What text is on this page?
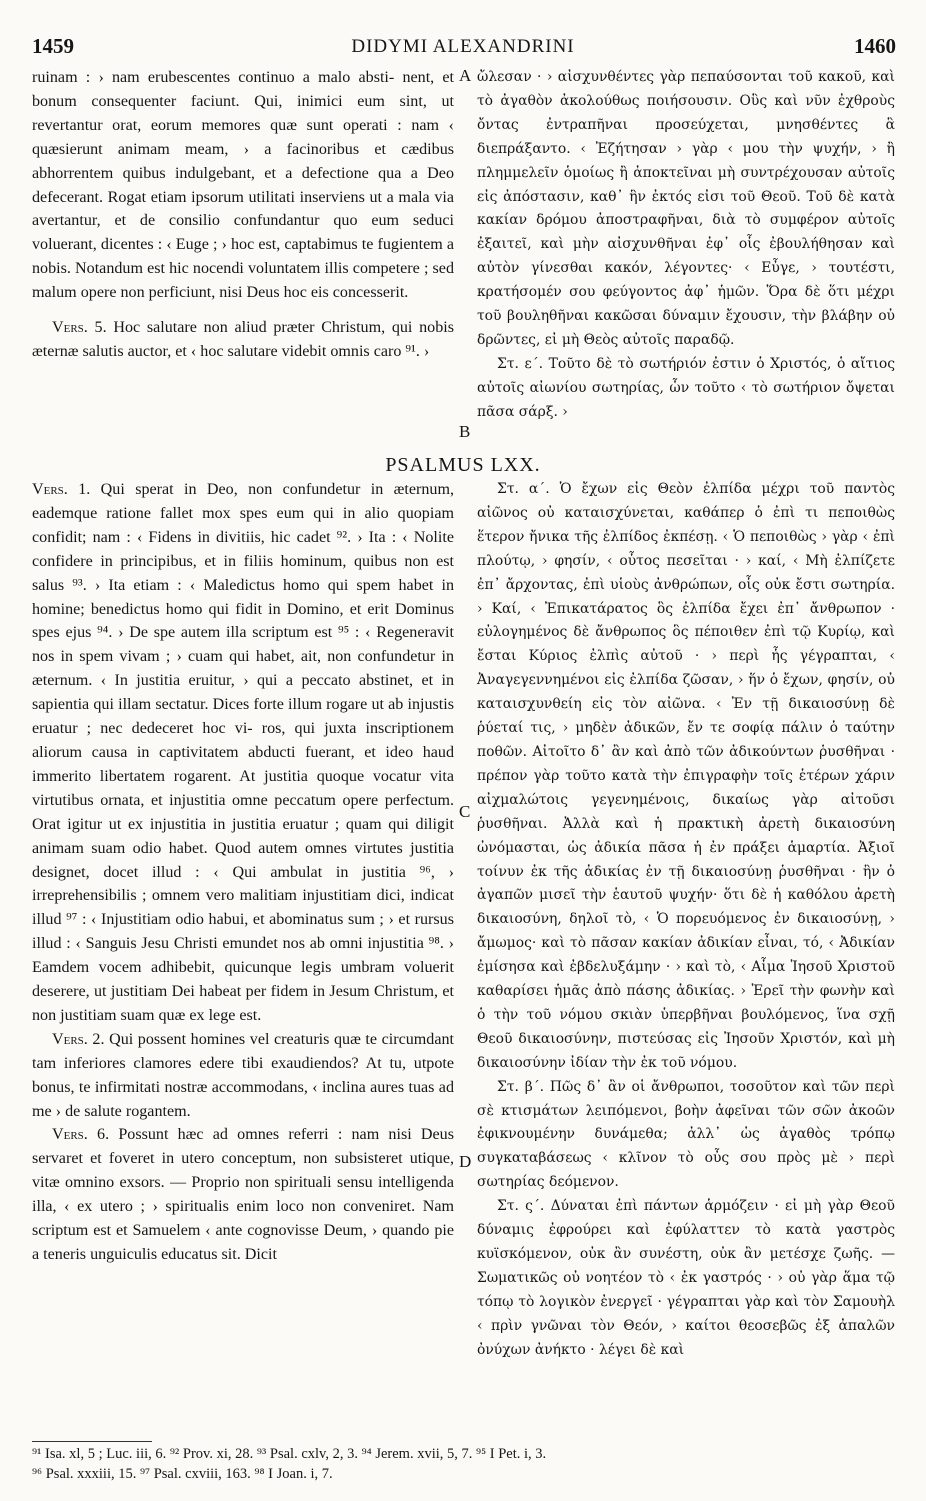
1459	DIDYMI ALEXANDRINI	1460

ruinam : › nam erubescentes continuo a malo absti- nent, et bonum consequenter faciunt. Qui, inimici eum sint, ut revertantur orat, eorum memores quæ sunt operati : nam ‹ quæsierunt animam meam, › a facinoribus et cædibus abhorrentem quibus indulgebant, et a defectione qua a Deo defecerant. Rogat etiam ipsorum utilitati inserviens ut a mala via avertantur, et de consilio confundantur quo eum seduci voluerant, dicentes : ‹ Euge ; › hoc est, captabimus te fugientem a nobis. Notandum est hic nocendi voluntatem illis competere ; sed malum opere non perficiunt, nisi Deus hoc eis concesserit.

Vers. 5. Hoc salutare non aliud præter Christum, qui nobis æternæ salutis auctor, et ‹ hoc salutare videbit omnis caro ⁹¹. ›

ὤλεσαν · › αἰσχυνθέντες γὰρ πεπαύσονται τοῦ κακοῦ, καὶ τὸ ἀγαθὸν ἀκολούθως ποιήσουσιν. Οὓς καὶ νῦν ἐχθροὺς ὄντας ἐντραπῆναι προσεύχεται, μνησθέντες ἃ διεπράξαντο. ‹ Ἐζήτησαν › γὰρ ‹ μου τὴν ψυχήν, › ἢ πλημμελεῖν ὁμοίως ἢ ἀποκτεῖναι μὴ συντρέχουσαν αὐτοῖς εἰς ἀπόστασιν, καθ᾽ ἣν ἐκτός εἰσι τοῦ Θεοῦ. Τοῦ δὲ κατὰ κακίαν δρόμου ἀποστραφῆναι, διὰ τὸ συμφέρον αὐτοῖς ἐξαιτεῖ, καὶ μὴν αἰσχυνθῆναι ἐφ᾽ οἷς ἐβουλήθησαν καὶ αὐτὸν γίνεσθαι κακόν, λέγοντες· ‹ Εὖγε, › τουτέστι, κρατήσομέν σου φεύγοντος ἀφ᾽ ἡμῶν. Ὅρα δὲ ὅτι μέχρι τοῦ βουληθῆναι κακῶσαι δύναμιν ἔχουσιν, τὴν βλάβην οὐ δρῶντες, εἰ μὴ Θεὸς αὐτοῖς παραδῷ.

Στ. ε΄. Τοῦτο δὲ τὸ σωτήριόν ἐστιν ὁ Χριστός, ὁ αἴτιος αὐτοῖς αἰωνίου σωτηρίας, ὧν τοῦτο ‹ τὸ σωτήριον ὄψεται πᾶσα σάρξ. ›

A
B
PSALMUS LXX.

Vers. 1. Qui sperat in Deo, non confundetur in æternum, eademque ratione fallet mox spes eum qui in alio quopiam confidit; nam : ‹ Fidens in divitiis, hic cadet ⁹². › Ita : ‹ Nolite confidere in principibus, et in filiis hominum, quibus non est salus ⁹³. › Ita etiam : ‹ Maledictus homo qui spem habet in homine; benedictus homo qui fidit in Domino, et erit Dominus spes ejus ⁹⁴. › De spe autem illa scriptum est ⁹⁵ : ‹ Regeneravit nos in spem vivam ; › cuam qui habet, ait, non confundetur in æternum. ‹ In justitia eruitur, › qui a peccato abstinet, et in sapientia qui illam sectatur. Dices forte illum rogare ut ab injustis eruatur ; nec dedeceret hoc vi- ros, qui juxta inscriptionem aliorum causa in captivitatem abducti fuerant, et ideo haud immerito libertatem rogarent. At justitia quoque vocatur vita virtutibus ornata, et injustitia omne peccatum opere perfectum. Orat igitur ut ex injustitia in justitia eruatur ; quam qui diligit animam suam odio habet. Quod autem omnes virtutes justitia designet, docet illud : ‹ Qui ambulat in justitia ⁹⁶, › irreprehensibilis ; omnem vero malitiam injustitiam dici, indicat illud ⁹⁷ : ‹ Injustitiam odio habui, et abominatus sum ; › et rursus illud : ‹ Sanguis Jesu Christi emundet nos ab omni injustitia ⁹⁸. › Eamdem vocem adhibebit, quicunque legis umbram voluerit deserere, ut justitiam Dei habeat per fidem in Jesum Christum, et non justitiam suam quæ ex lege est.

Vers. 2. Qui possent homines vel creaturis quæ te circumdant tam inferiores clamores edere tibi exaudiendos? At tu, utpote bonus, te infirmitati nostræ accommodans, ‹ inclina aures tuas ad me › de salute rogantem.

Vers. 6. Possunt hæc ad omnes referri : nam nisi Deus servaret et foveret in utero conceptum, non subsisteret utique, vitæ omnino exsors. — Proprio non spirituali sensu intelligenda illa, ‹ ex utero ; › spiritualis enim loco non conveniret. Nam scriptum est et Samuelem ‹ ante cognovisse Deum, › quando pie a teneris unguiculis educatus sit. Dicit

Στ. α΄. Ὁ ἔχων εἰς Θεὸν ἐλπίδα μέχρι τοῦ παντὸς αἰῶνος οὐ καταισχύνεται, καθάπερ ὁ ἐπὶ τι πεποιθὼς ἕτερον ἤνικα τῆς ἐλπίδος ἐκπέσῃ. ‹ Ὁ πεποιθὼς › γὰρ ‹ ἐπὶ πλούτῳ, › φησίν, ‹ οὗτος πεσεῖται · › καί, ‹ Μὴ ἐλπίζετε ἐπ᾽ ἄρχοντας, ἐπὶ υἱοὺς ἀνθρώπων, οἷς οὐκ ἔστι σωτηρία. › Καί, ‹ Ἐπικατάρατος ὃς ἐλπίδα ἔχει ἐπ᾽ ἄνθρωπον · εὐλογημένος δὲ ἄνθρωπος ὃς πέποιθεν ἐπὶ τῷ Κυρίῳ, καὶ ἔσται Κύριος ἐλπὶς αὐτοῦ · › περὶ ἧς γέγραπται, ‹ Ἀναγεγεννημένοι εἰς ἐλπίδα ζῶσαν, › ἥν ὁ ἔχων, φησίν, οὐ καταισχυνθείη εἰς τὸν αἰῶνα. ‹ Ἐν τῇ δικαιοσύνῃ δὲ ῥύεταί τις, › μηδὲν ἀδικῶν, ἔν τε σοφίᾳ πάλιν ὁ ταύτην ποθῶν. Αἰτοῖτο δ᾽ ἂν καὶ ἀπὸ τῶν ἀδικούντων ῥυσθῆναι · πρέπον γὰρ τοῦτο κατὰ τὴν ἐπιγραφὴν τοῖς ἑτέρων χάριν αἰχμαλώτοις γεγενημένοις, δικαίως γὰρ αἰτοῦσι ῥυσθῆναι. Ἀλλὰ καὶ ἡ πρακτικὴ ἀρετὴ δικαιοσύνη ὠνόμασται, ὡς ἀδικία πᾶσα ἡ ἐν πράξει ἁμαρτία. Ἀξιοῖ τοίνυν ἐκ τῆς ἀδικίας ἐν τῇ δικαιοσύνῃ ῥυσθῆναι · ἣν ὁ ἀγαπῶν μισεῖ τὴν ἑαυτοῦ ψυχήν· ὅτι δὲ ἡ καθόλου ἀρετὴ δικαιοσύνη, δηλοῖ τὸ, ‹ Ὁ πορευόμενος ἐν δικαιοσύνῃ, › ἄμωμος· καὶ τὸ πᾶσαν κακίαν ἀδικίαν εἶναι, τό, ‹ Ἀδικίαν ἐμίσησα καὶ ἐβδελυξάμην · › καὶ τὸ, ‹ Αἷμα Ἰησοῦ Χριστοῦ καθαρίσει ἡμᾶς ἀπὸ πάσης ἀδικίας. › Ἐρεῖ τὴν φωνὴν καὶ ὁ τὴν τοῦ νόμου σκιὰν ὑπερβῆναι βουλόμενος, ἵνα σχῇ Θεοῦ δικαιοσύνην, πιστεύσας εἰς Ἰησοῦν Χριστόν, καὶ μὴ δικαιοσύνην ἰδίαν τὴν ἐκ τοῦ νόμου.

Στ. β΄. Πῶς δ᾽ ἂν οἱ ἄνθρωποι, τοσοῦτον καὶ τῶν περὶ σὲ κτισμάτων λειπόμενοι, βοὴν ἀφεῖναι τῶν σῶν ἀκοῶν ἐφικνουμένην δυνάμεθα; ἀλλ᾽ ὡς ἀγαθὸς τρόπῳ συγκαταβάσεως ‹ κλῖνον τὸ οὖς σου πρὸς μὲ › περὶ σωτηρίας δεόμενον.

Στ. ς΄. Δύναται ἐπὶ πάντων ἁρμόζειν · εἰ μὴ γὰρ Θεοῦ δύναμις ἐφρούρει καὶ ἐφύλαττεν τὸ κατὰ γαστρὸς κυϊσκόμενον, οὐκ ἂν συνέστη, οὐκ ἂν μετέσχε ζωῆς. — Σωματικῶς οὐ νοητέον τὸ ‹ ἐκ γαστρός · › οὐ γὰρ ἅμα τῷ τόπῳ τὸ λογικὸν ἐνεργεῖ · γέγραπται γὰρ καὶ τὸν Σαμουὴλ ‹ πρὶν γνῶναι τὸν Θεόν, › καίτοι θεοσεβῶς ἐξ ἀπαλῶν ὀνύχων ἀνήκτο · λέγει δὲ καὶ

C
D
⁹¹ Isa. xl, 5 ; Luc. iii, 6. ⁹² Prov. xi, 28. ⁹³ Psal. cxlv, 2, 3. ⁹⁴ Jerem. xvii, 5, 7. ⁹⁵ I Pet. i, 3.
⁹⁶ Psal. xxxiii, 15. ⁹⁷ Psal. cxviii, 163. ⁹⁸ I Joan. i, 7.
